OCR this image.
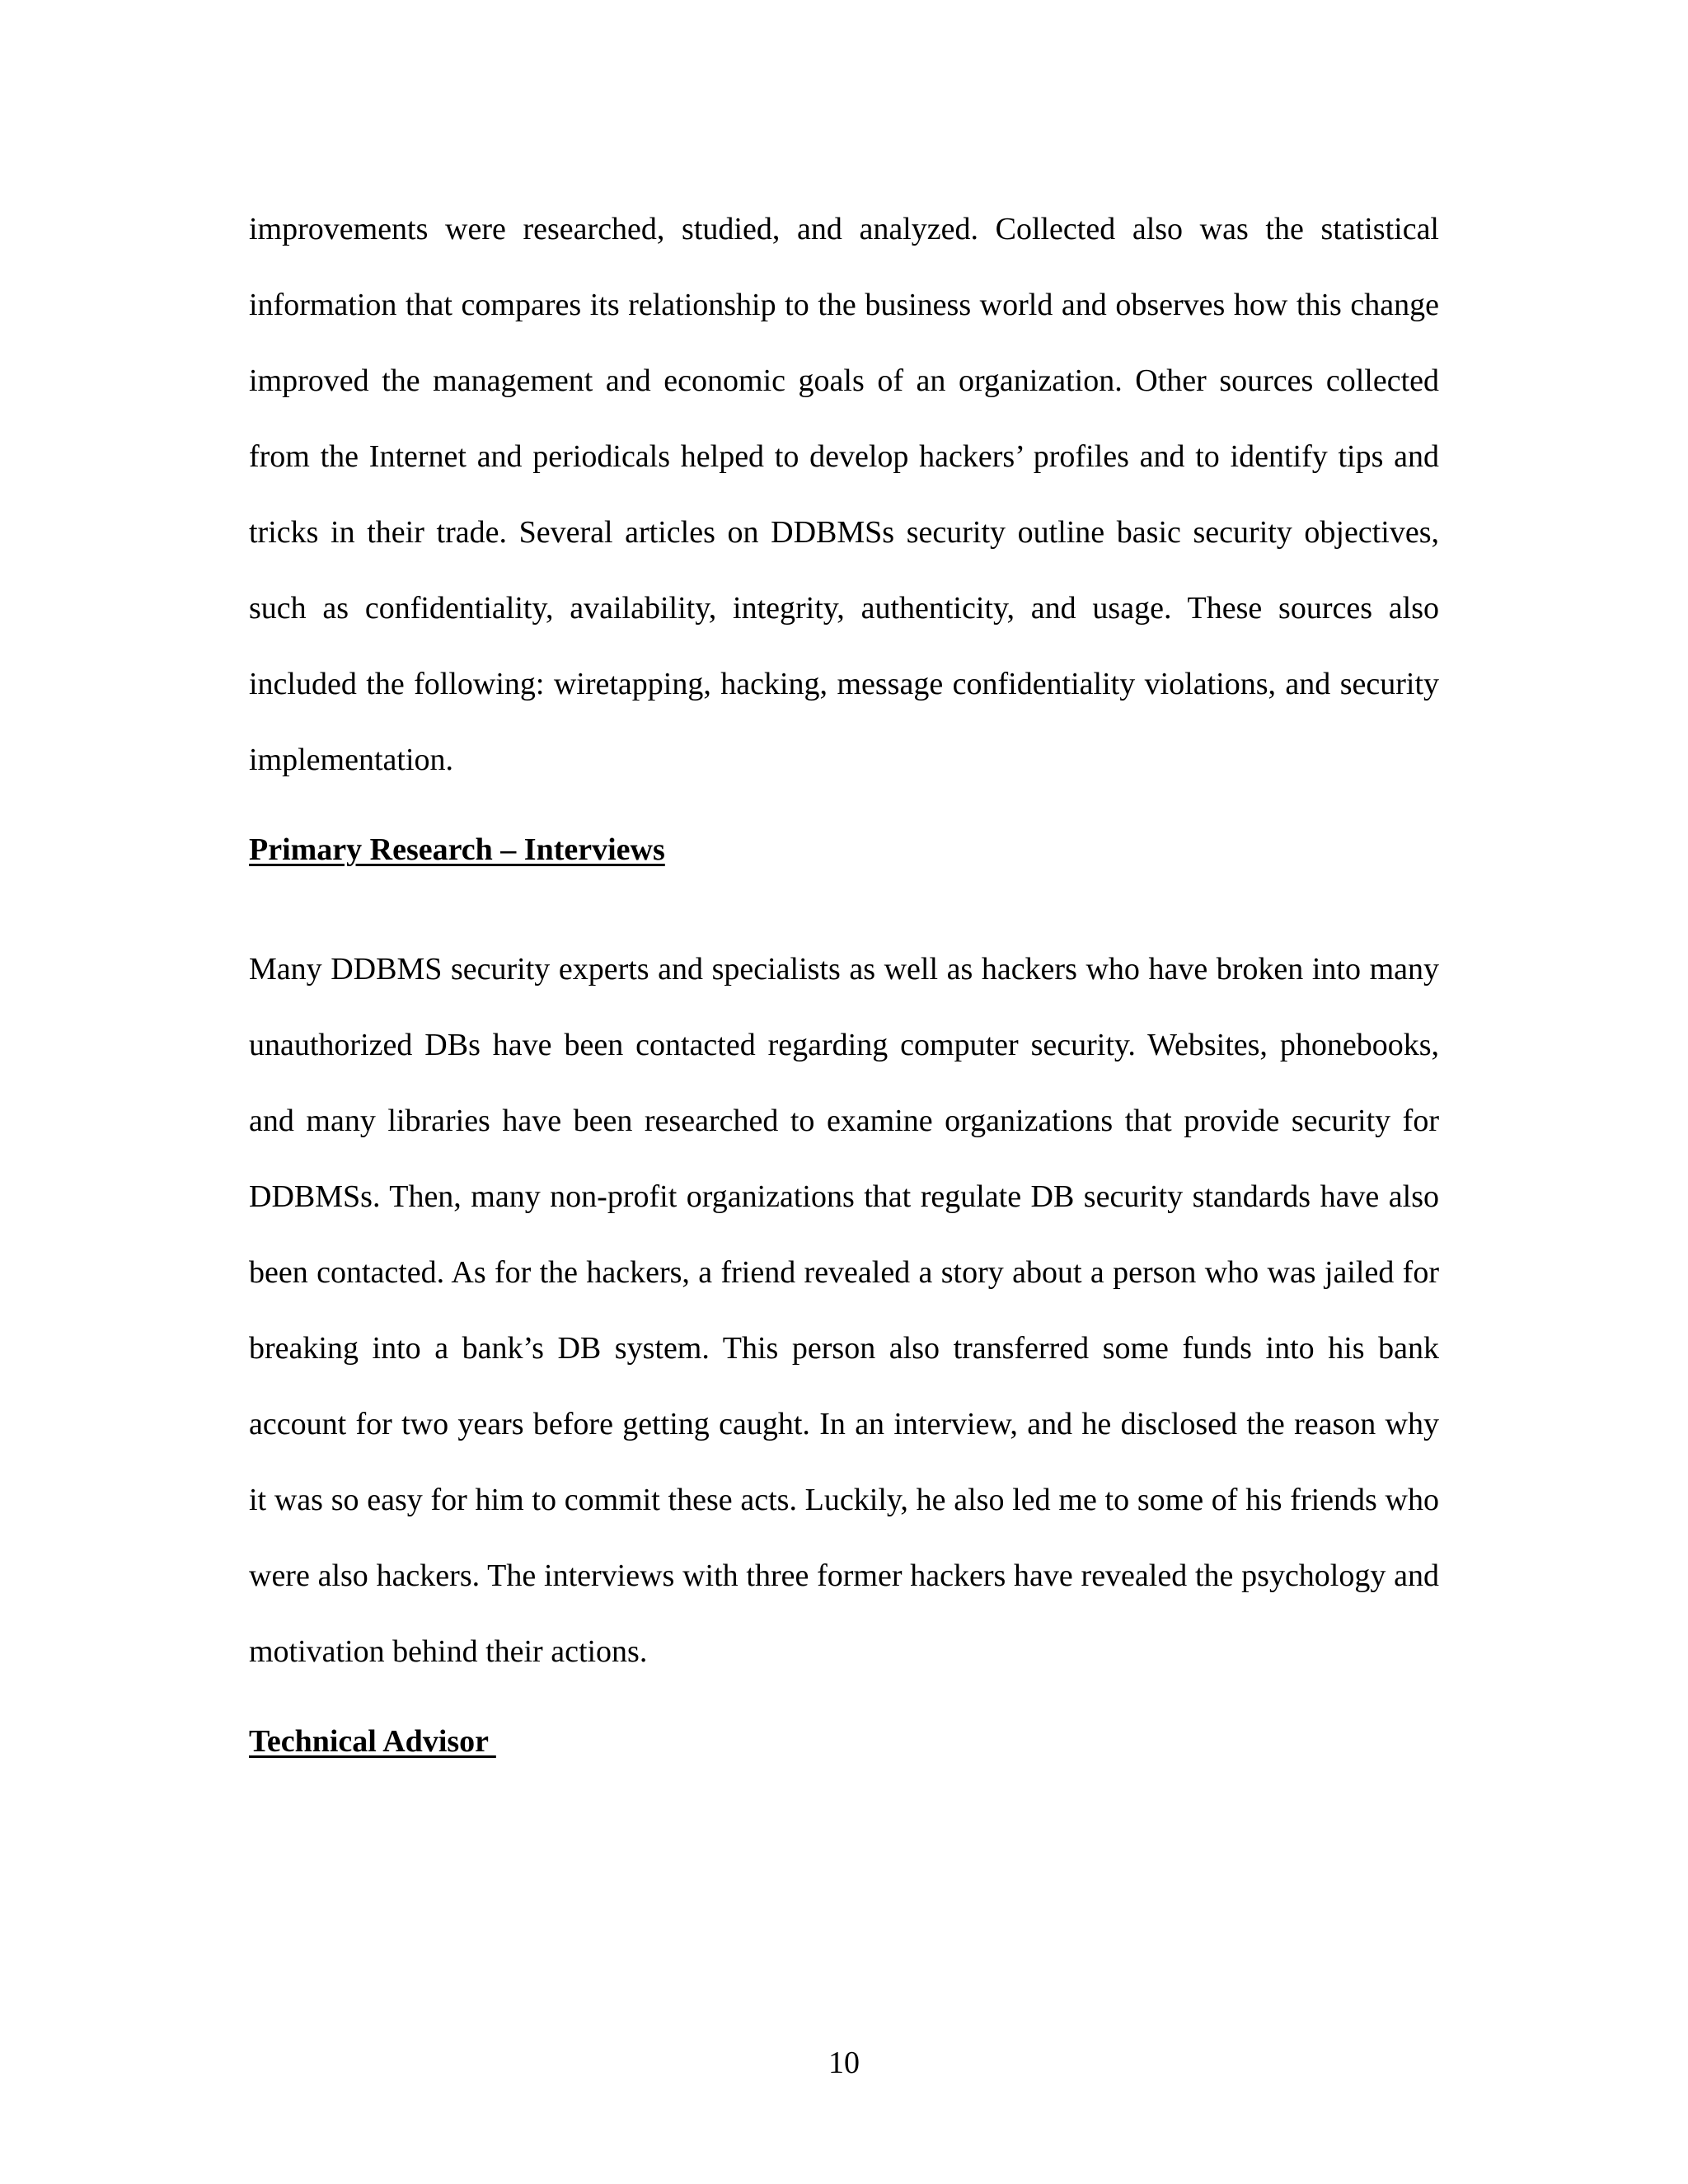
improvements were researched, studied, and analyzed. Collected also was the statistical information that compares its relationship to the business world and observes how this change improved the management and economic goals of an organization. Other sources collected from the Internet and periodicals helped to develop hackers’ profiles and to identify tips and tricks in their trade. Several articles on DDBMSs security outline basic security objectives, such as confidentiality, availability, integrity, authenticity, and usage. These sources also included the following: wiretapping, hacking, message confidentiality violations, and security implementation.

Primary Research – Interviews

Many DDBMS security experts and specialists as well as hackers who have broken into many unauthorized DBs have been contacted regarding computer security. Websites, phonebooks, and many libraries have been researched to examine organizations that provide security for DDBMSs. Then, many non-profit organizations that regulate DB security standards have also been contacted. As for the hackers, a friend revealed a story about a person who was jailed for breaking into a bank’s DB system. This person also transferred some funds into his bank account for two years before getting caught. In an interview, and he disclosed the reason why it was so easy for him to commit these acts. Luckily, he also led me to some of his friends who were also hackers. The interviews with three former hackers have revealed the psychology and motivation behind their actions.

Technical Advisor
10
